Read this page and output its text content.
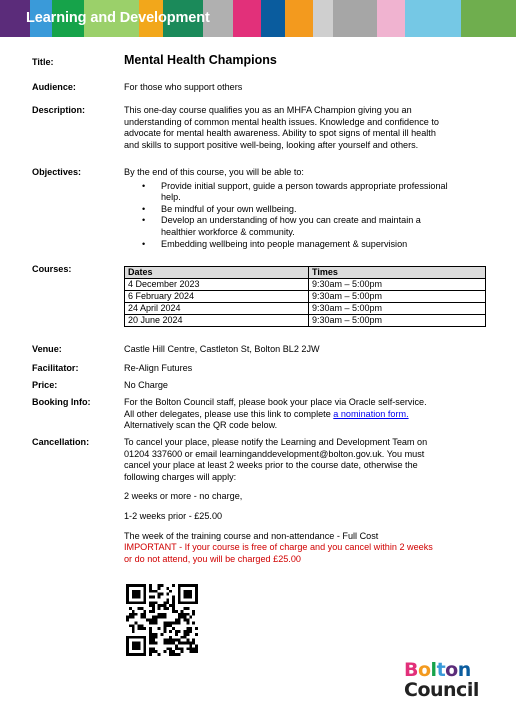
Learning and Development
Title:	Mental Health Champions
Audience:	For those who support others
Description:	This one-day course qualifies you as an MHFA Champion giving you an
understanding of common mental health issues. Knowledge and confidence to
advocate for mental health awareness. Ability to spot signs of mental ill health
and skills to support positive well-being, looking after yourself and others.
Objectives:	By the end of this course, you will be able to:
• Provide initial support, guide a person towards appropriate professional
help.
• Be mindful of your own wellbeing.
• Develop an understanding of how you can create and maintain a
healthier workforce & community.
• Embedding wellbeing into people management & supervision
Courses:	Dates	Times
4 December 2023	9:30am – 5:00pm
6 February 2024	9:30am – 5:00pm
24 April 2024	9:30am – 5:00pm
20 June 2024	9:30am – 5:00pm
Venue:	Castle Hill Centre, Castleton St, Bolton BL2 2JW
Facilitator:	Re-Align Futures
Price:	No Charge
Booking Info:	For the Bolton Council staff, please book your place via Oracle self-service.
All other delegates, please use this link to complete a nomination form.
Alternatively scan the QR code below.
Cancellation:	To cancel your place, please notify the Learning and Development Team on
01204 337600 or email learninganddevelopment@bolton.gov.uk. You must
cancel your place at least 2 weeks prior to the course date, otherwise the
following charges will apply:
2 weeks or more - no charge,
1-2 weeks prior - £25.00
The week of the training course and non-attendance - Full Cost
IMPORTANT - If your course is free of charge and you cancel within 2 weeks
or do not attend, you will be charged £25.00
B o l t o n
Council
